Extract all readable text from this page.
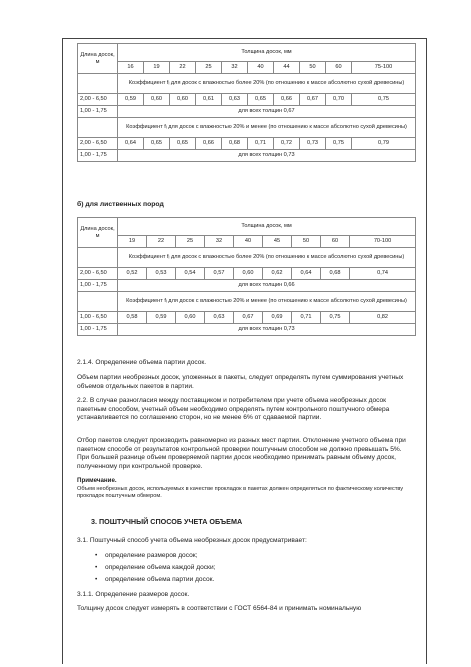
Длина досок, м	Толщина досок, мм									
	16	19	22	25	32	40	44	50	60	75-100
	Коэффициент fᵢ для досок с влажностью более 20% (по отношению к массе абсолютно сухой древесины)									
2,00 - 6,50	0,59	0,60	0,60	0,61	0,63	0,65	0,66	0,67	0,70	0,75
1,00 - 1,75	для всех толщин 0,67									
	Коэффициент fᵢ для досок с влажностью 20% и менее (по отношению к массе абсолютно сухой древесины)									
2,00 - 6,50	0,64	0,65	0,65	0,66	0,68	0,71	0,72	0,73	0,75	0,79
1,00 - 1,75	для всех толщин 0,73									
б) для лиственных пород
Длина досок, м	Толщина досок, мм								
	19	22	25	32	40	45	50	60	70-100
	Коэффициент fᵢ для досок с влажностью более 20% (по отношению к массе абсолютно сухой древесины)								
2,00 - 6,50	0,52	0,53	0,54	0,57	0,60	0,62	0,64	0,68	0,74
1,00 - 1,75	для всех толщин 0,66								
	Коэффициент fᵢ для досок с влажностью 20% и менее (по отношению к массе абсолютно сухой древесины)								
1,00 - 6,50	0,58	0,59	0,60	0,63	0,67	0,69	0,71	0,75	0,82
1,00 - 1,75	для всех толщин 0,73								
2.1.4. Определение объема партии досок.
Объем партии необрезных досок, уложенных в пакеты, следует определять путем суммирования учетных объемов отдельных пакетов в партии.
2.2. В случае разногласия между поставщиком и потребителем при учете объема необрезных досок пакетным способом, учетный объем необходимо определять путем контрольного поштучного обмера устанавливается по соглашению сторон, но не менее 6% от сдаваемой партии.
Отбор пакетов следует производить равномерно из разных мест партии. Отклонение учетного объема при пакетном способе от результатов контрольной проверки поштучным способом не должно превышать 5%. При большей разнице объем проверяемой партии досок необходимо принимать равным объему досок, полученному при контрольной проверке.
Примечание.
Объем необрезных досок, используемых в качестве прокладок в пакетах должен определяться по фактическому количеству прокладок поштучным обмером.
3. ПОШТУЧНЫЙ СПОСОБ УЧЕТА ОБЪЕМА
3.1. Поштучный способ учета объема необрезных досок предусматривает:
• определение размеров досок;
• определение объема каждой доски;
• определение объема партии досок.
3.1.1. Определение размеров досок.
Толщину досок следует измерять в соответствии с ГОСТ 6564-84 и принимать номинальную
